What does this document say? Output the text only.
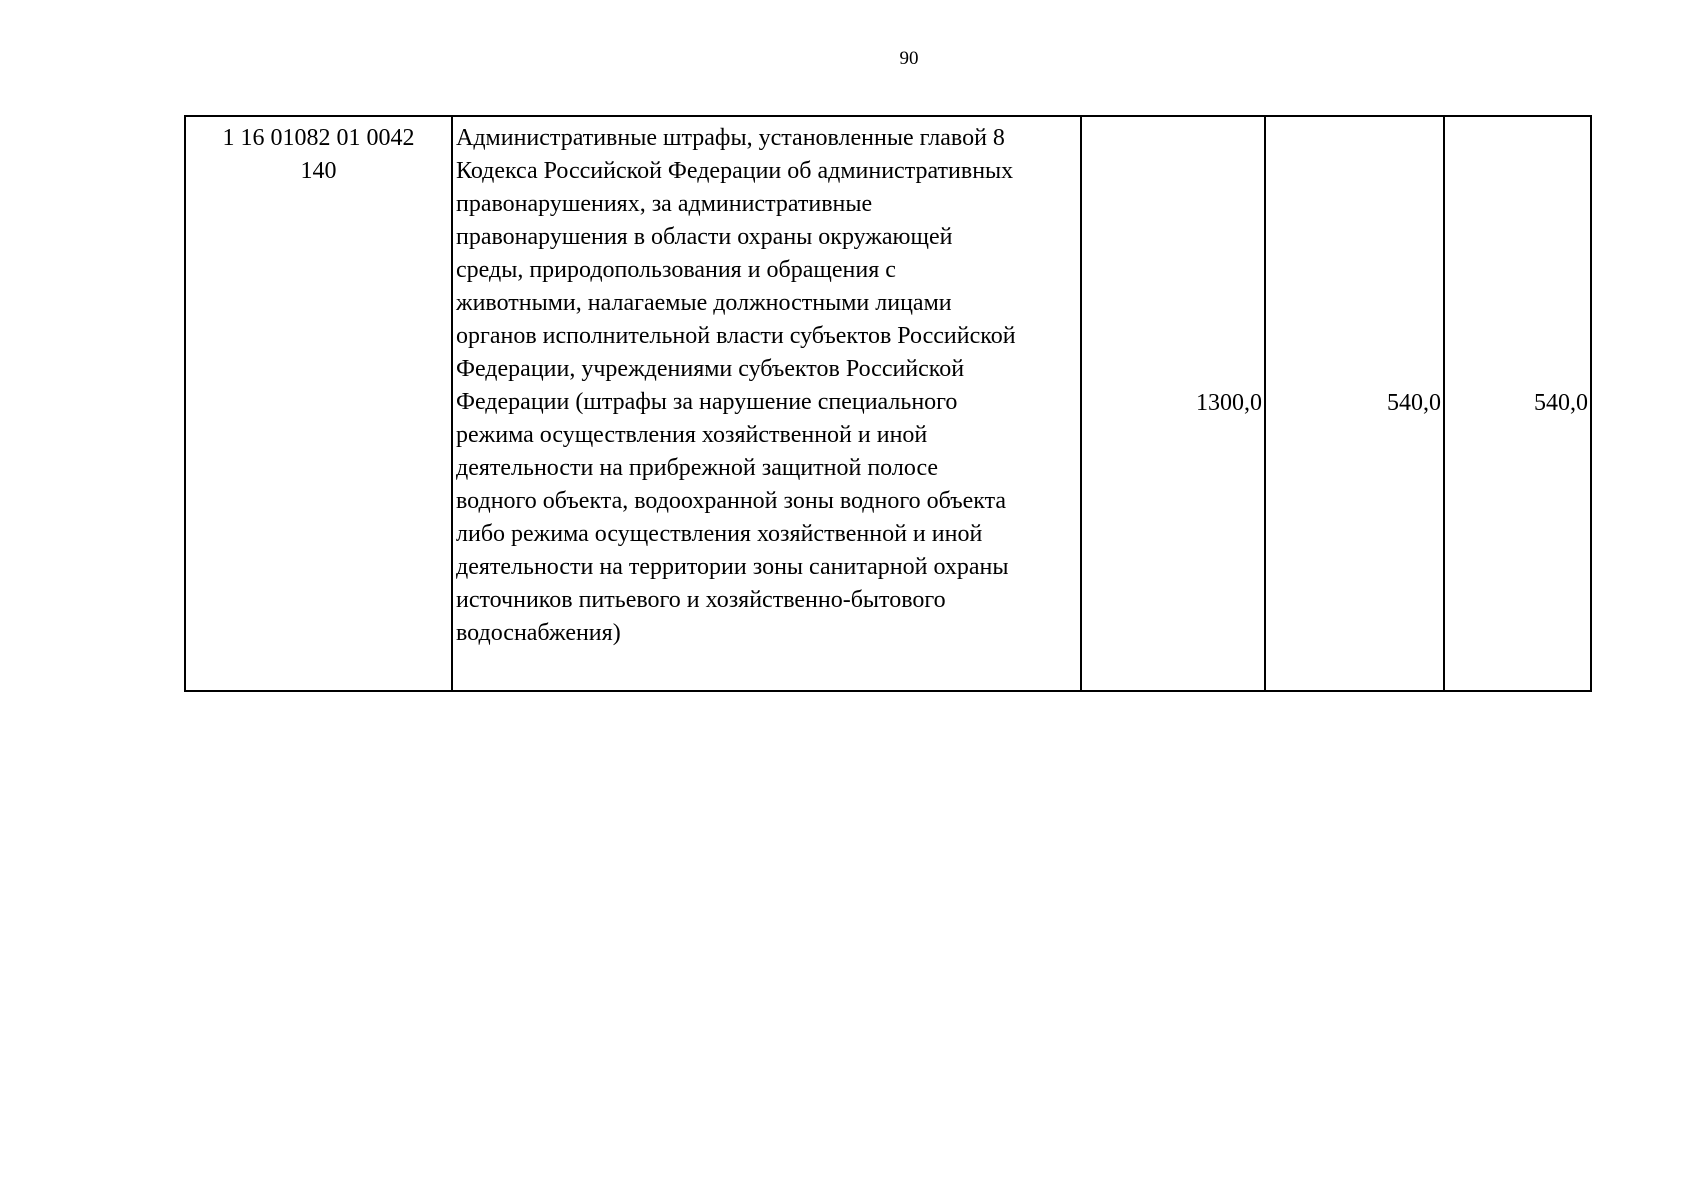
90
1 16 01082 01 0042
140	Административные штрафы, установленные главой 8
Кодекса Российской Федерации об административных
правонарушениях, за административные
правонарушения в области охраны окружающей
среды, природопользования и обращения с
животными, налагаемые должностными лицами
органов исполнительной власти субъектов Российской
Федерации, учреждениями субъектов Российской
Федерации (штрафы за нарушение специального
режима осуществления хозяйственной и иной
деятельности на прибрежной защитной полосе
водного объекта, водоохранной зоны водного объекта
либо режима осуществления хозяйственной и иной
деятельности на территории зоны санитарной охраны
источников питьевого и хозяйственно-бытового
водоснабжения)	1300,0	540,0	540,0
